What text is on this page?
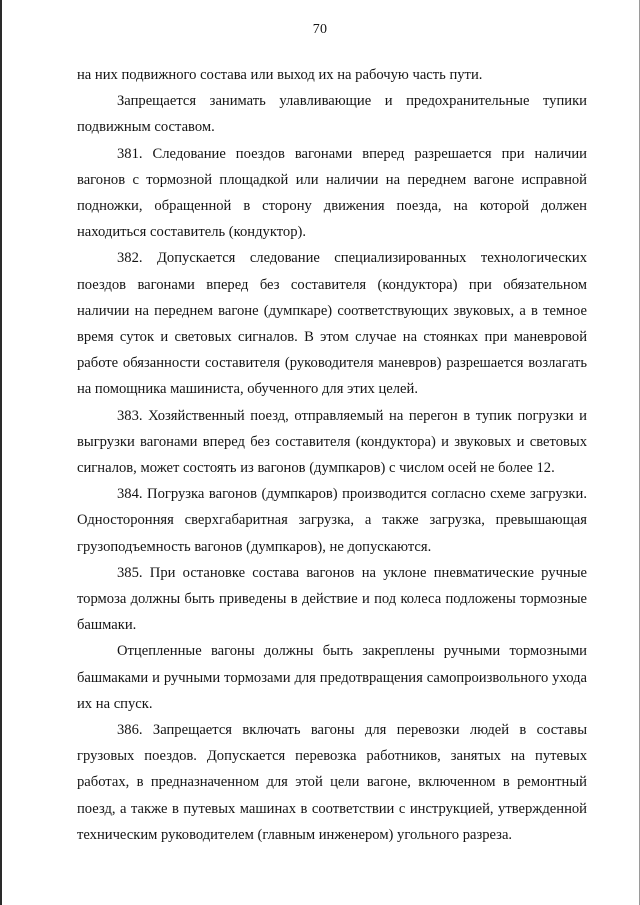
70

на них подвижного состава или выход их на рабочую часть пути.

Запрещается занимать улавливающие и предохранительные тупики подвижным составом.

381. Следование поездов вагонами вперед разрешается при наличии вагонов с тормозной площадкой или наличии на переднем вагоне исправной подножки, обращенной в сторону движения поезда, на которой должен находиться составитель (кондуктор).

382. Допускается следование специализированных технологических поездов вагонами вперед без составителя (кондуктора) при обязательном наличии на переднем вагоне (думпкаре) соответствующих звуковых, а в темное время суток и световых сигналов. В этом случае на стоянках при маневровой работе обязанности составителя (руководителя маневров) разрешается возлагать на помощника машиниста, обученного для этих целей.

383. Хозяйственный поезд, отправляемый на перегон в тупик погрузки и выгрузки вагонами вперед без составителя (кондуктора) и звуковых и световых сигналов, может состоять из вагонов (думпкаров) с числом осей не более 12.

384. Погрузка вагонов (думпкаров) производится согласно схеме загрузки. Односторонняя сверхгабаритная загрузка, а также загрузка, превышающая грузоподъемность вагонов (думпкаров), не допускаются.

385. При остановке состава вагонов на уклоне пневматические ручные тормоза должны быть приведены в действие и под колеса подложены тормозные башмаки.

Отцепленные вагоны должны быть закреплены ручными тормозными башмаками и ручными тормозами для предотвращения самопроизвольного ухода их на спуск.

386. Запрещается включать вагоны для перевозки людей в составы грузовых поездов. Допускается перевозка работников, занятых на путевых работах, в предназначенном для этой цели вагоне, включенном в ремонтный поезд, а также в путевых машинах в соответствии с инструкцией, утвержденной техническим руководителем (главным инженером) угольного разреза.
